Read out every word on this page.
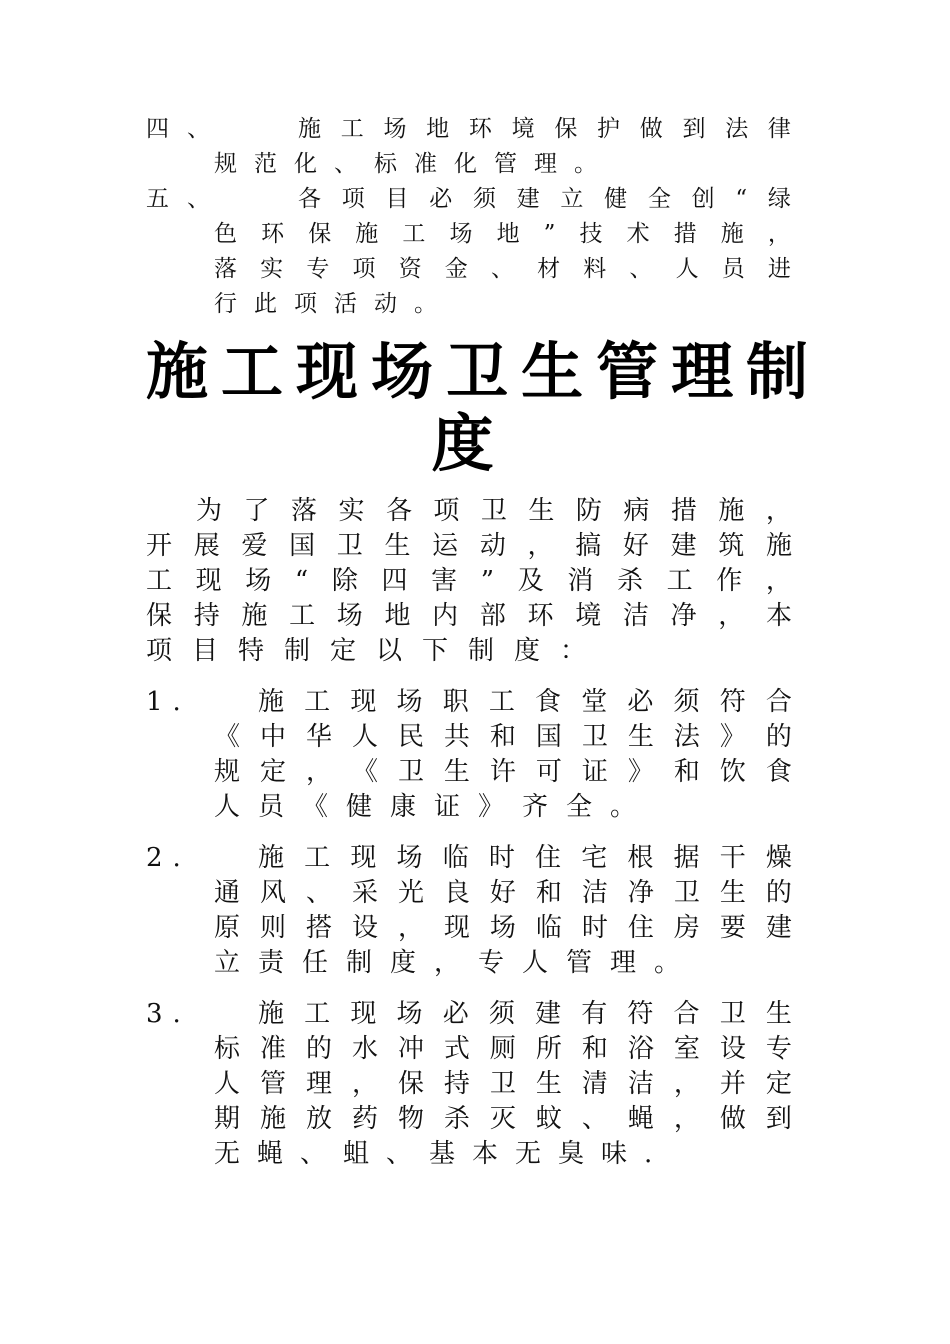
四、	施 工 场 地 环 境 保 护 做 到 法 律
规范化、标准化管理。
五、	各 项 目 必 须 建 立 健 全 创 “ 绿
色 环 保 施 工 场 地 ” 技 术 措 施 ，
落 实 专 项 资 金 、 材 料 、 人 员 进
行此项活动。
施 工 现 场 卫 生 管 理 制
度
为 了 落 实 各 项 卫 生 防 病 措 施 ，
开 展 爱 国 卫 生 运 动 ， 搞 好 建 筑 施
工 现 场 “ 除 四 害 ” 及 消 杀 工 作 ，
保 持 施 工 场 地 内 部 环 境 洁 净 ， 本
项目特制定以下制度：
1.	施 工 现 场 职 工 食 堂 必 须 符 合
《 中 华 人 民 共 和 国 卫 生 法 》 的
规 定 ， 《 卫 生 许 可 证 》 和 饮 食
人员《健康证》齐全。
2.	施 工 现 场 临 时 住 宅 根 据 干 燥
通 风 、 采 光 良 好 和 洁 净 卫 生 的
原 则 搭 设 ， 现 场 临 时 住 房 要 建
立责任制度，专人管理。
3.	施 工 现 场 必 须 建 有 符 合 卫 生
标 准 的 水 冲 式 厕 所 和 浴 室 设 专
人 管 理 ， 保 持 卫 生 清 洁 ， 并 定
期 施 放 药 物 杀 灭 蚊 、 蝇 ， 做 到
无蝇、蛆、基本无臭味.
